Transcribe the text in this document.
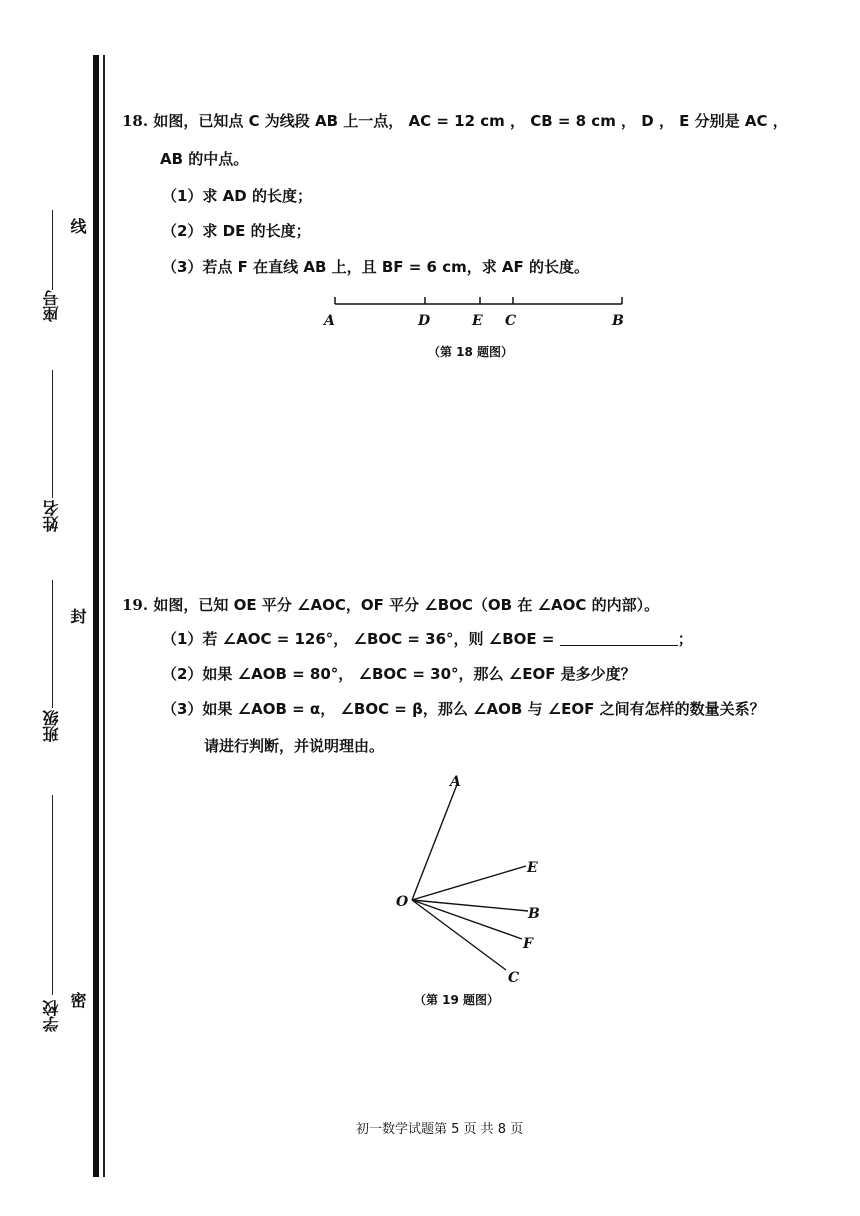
线
封
密
座号
姓名
班级
学校
18. 如图，已知点 C 为线段 AB 上一点， AC = 12 cm ， CB = 8 cm ， D ， E 分别是 AC ，
AB 的中点。
（1）求 AD 的长度；
（2）求 DE 的长度；
（3）若点 F 在直线 AB 上，且 BF = 6 cm，求 AF 的长度。
A	D	E C	B
（第 18 题图）
19. 如图，已知 OE 平分 ∠AOC，OF 平分 ∠BOC（OB 在 ∠AOC 的内部）。
（1）若 ∠AOC = 126°， ∠BOC = 36°，则 ∠BOE =	；
（2）如果 ∠AOB = 80°， ∠BOC = 30°，那么 ∠EOF 是多少度？
（3）如果 ∠AOB = α， ∠BOC = β，那么 ∠AOB 与 ∠EOF 之间有怎样的数量关系？
请进行判断，并说明理由。
A
E
O
B
F
C
（第 19 题图）
初一数学试题第 5 页 共 8 页
